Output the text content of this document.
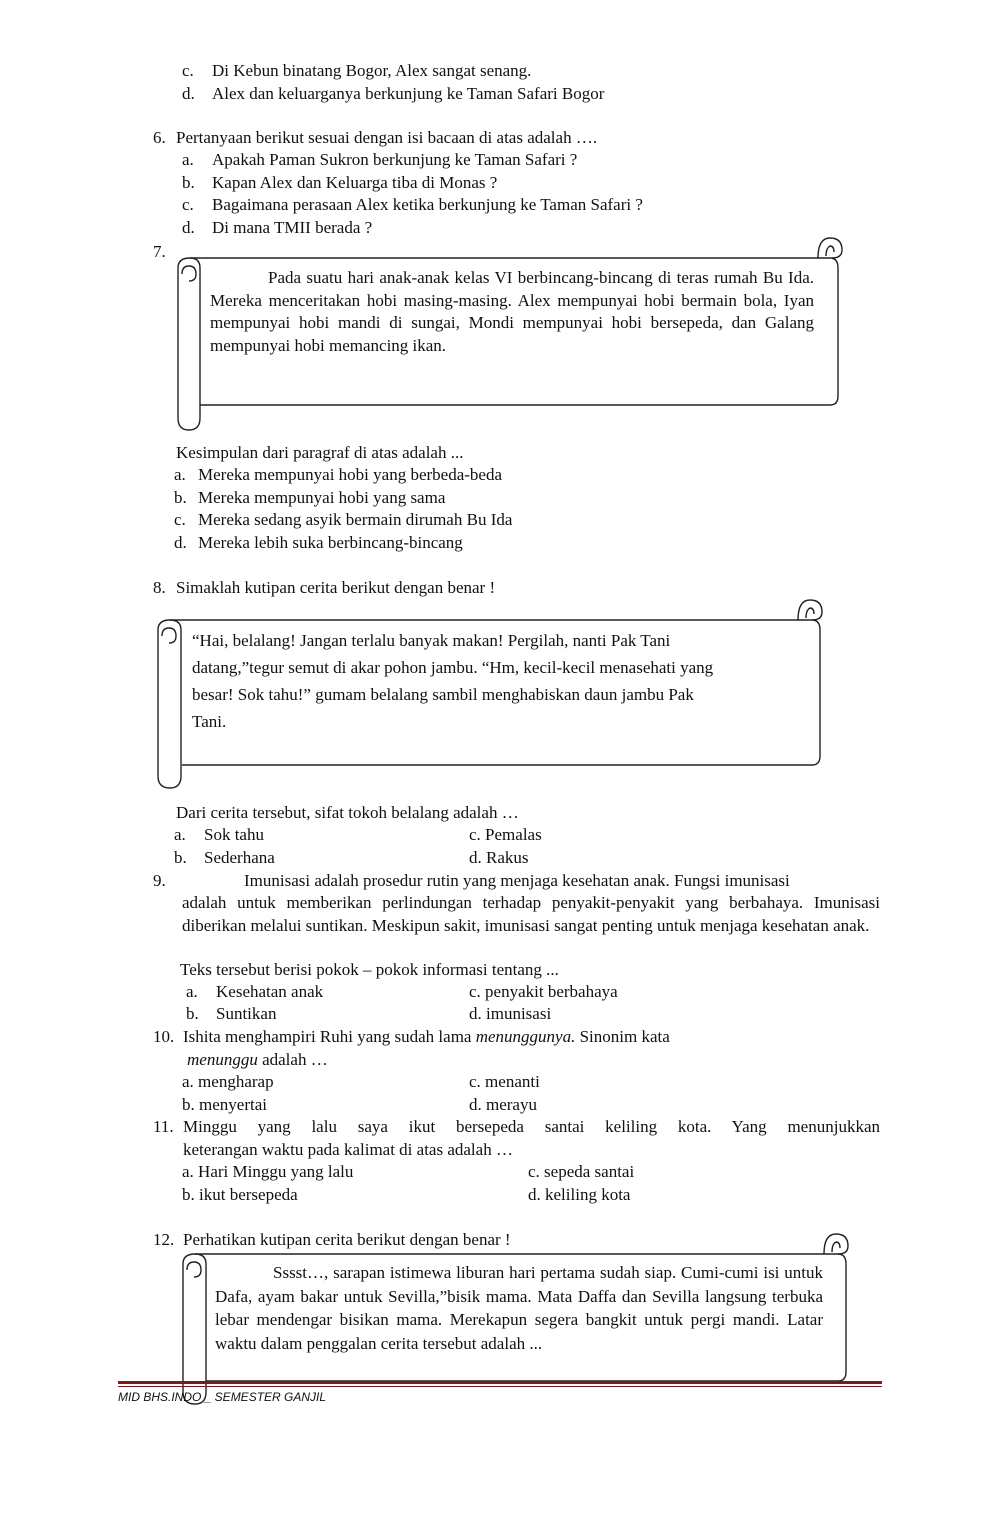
c. Di Kebun binatang Bogor, Alex sangat senang.
d. Alex dan keluarganya berkunjung ke Taman Safari Bogor
6. Pertanyaan berikut sesuai dengan isi bacaan di atas adalah ….
a. Apakah Paman Sukron berkunjung ke Taman Safari ?
b. Kapan Alex dan Keluarga tiba di Monas ?
c. Bagaimana perasaan Alex ketika berkunjung ke Taman Safari ?
d. Di mana TMII berada ?
7.
Pada suatu hari anak-anak kelas VI berbincang-bincang di teras rumah Bu Ida. Mereka menceritakan hobi masing-masing. Alex mempunyai hobi bermain bola, Iyan mempunyai hobi mandi di sungai, Mondi mempunyai hobi bersepeda, dan Galang mempunyai hobi memancing ikan.
Kesimpulan dari paragraf di atas adalah ...
a. Mereka mempunyai hobi yang berbeda-beda
b. Mereka mempunyai hobi yang sama
c. Mereka sedang asyik bermain dirumah Bu Ida
d. Mereka lebih suka berbincang-bincang
8. Simaklah kutipan cerita berikut dengan benar !
“Hai, belalang! Jangan terlalu banyak makan! Pergilah, nanti Pak Tani
datang,”tegur semut di akar pohon jambu. “Hm, kecil-kecil menasehati yang
besar! Sok tahu!” gumam belalang sambil menghabiskan daun jambu Pak
Tani.
Dari cerita tersebut, sifat tokoh belalang adalah …
a. Sok tahu
b. Sederhana
c. Pemalas
d. Rakus
9.	Imunisasi adalah prosedur rutin yang menjaga kesehatan anak. Fungsi imunisasi
adalah untuk memberikan perlindungan terhadap penyakit-penyakit yang berbahaya. Imunisasi diberikan melalui suntikan. Meskipun sakit, imunisasi sangat penting untuk menjaga kesehatan anak.
Teks tersebut berisi pokok – pokok informasi tentang ...
a. Kesehatan anak
b. Suntikan
c. penyakit berbahaya
d. imunisasi
10. Ishita menghampiri Ruhi yang sudah lama menunggunya. Sinonim kata
menunggu adalah …
a. mengharap
b. menyertai
c. menanti
d. merayu
11. Minggu yang lalu saya ikut bersepeda santai keliling kota. Yang menunjukkan
keterangan waktu pada kalimat di atas adalah …
a. Hari Minggu yang lalu
b. ikut bersepeda
c. sepeda santai
d. keliling kota
12. Perhatikan kutipan cerita berikut dengan benar !
Sssst…, sarapan istimewa liburan hari pertama sudah siap. Cumi-cumi isi untuk Dafa, ayam bakar untuk Sevilla,”bisik mama. Mata Daffa dan Sevilla langsung terbuka lebar mendengar bisikan mama. Merekapun segera bangkit untuk pergi mandi. Latar waktu dalam penggalan cerita tersebut adalah ...
MID BHS.INDO _ SEMESTER GANJIL
